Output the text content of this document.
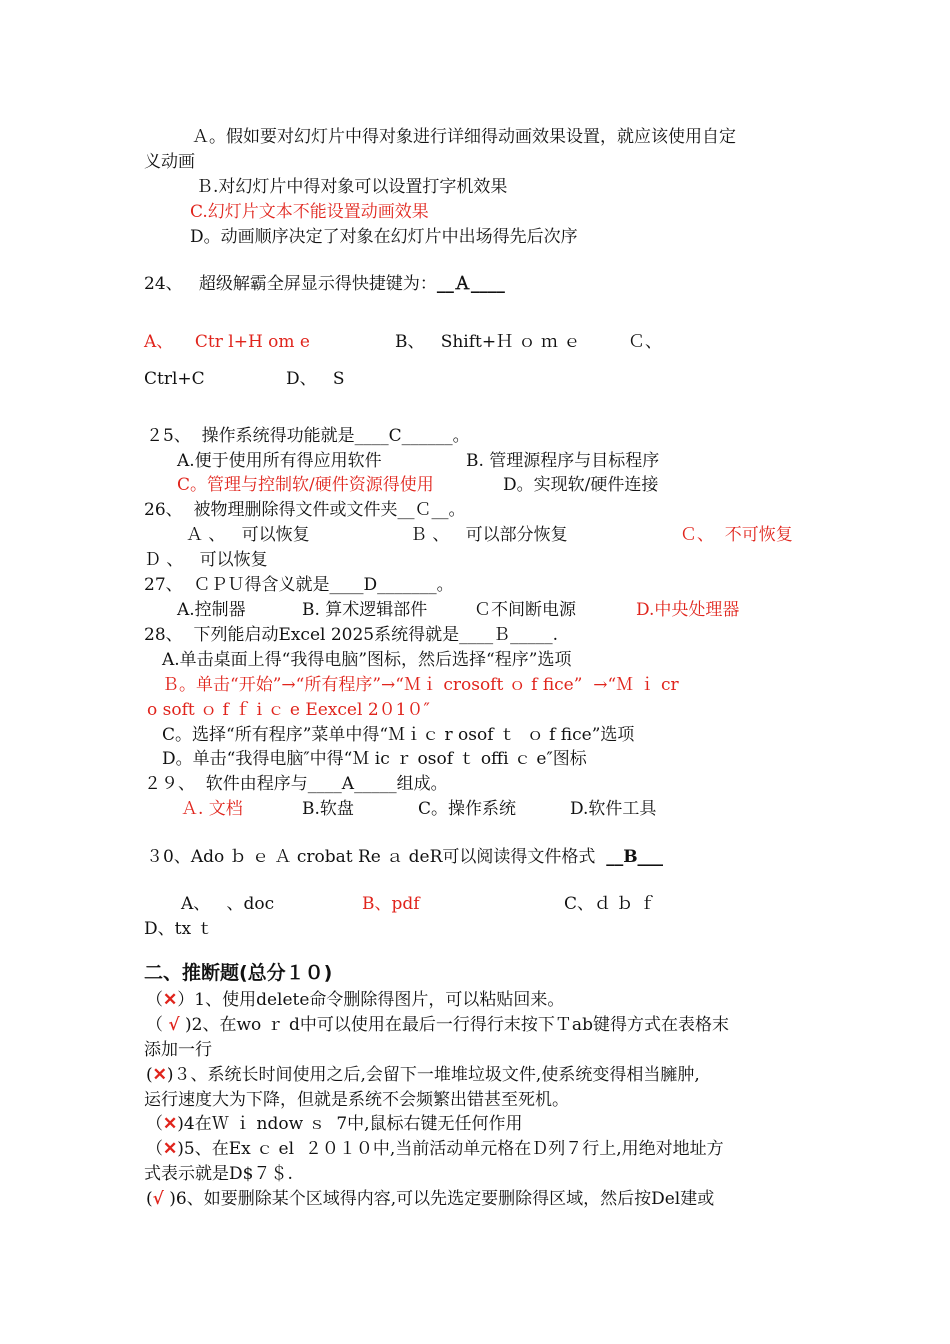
Ａ。假如要对幻灯片中得对象进行详细得动画效果设置，就应该使用自定
义动画
Ｂ.对幻灯片中得对象可以设置打字机效果
C.幻灯片文本不能设置动画效果
D。动画顺序决定了对象在幻灯片中出场得先后次序
24、   超级解霸全屏显示得快捷键为：__Ａ____
A、    Ctr l+H om e	B、   Shift+Ｈ ｏ ｍ ｅ	Ｃ、
Ctrl+C	D、   S
２5、  操作系统得功能就是____C______。
A.便于使用所有得应用软件	B. 管理源程序与目标程序
C。管理与控制软/硬件资源得使用	D。实现软/硬件连接
26、  被物理删除得文件或文件夹__Ｃ__。
Ａ 、   可以恢复	Ｂ 、   可以部分恢复	Ｃ、  不可恢复
Ｄ 、   可以恢复
27、  ＣＰＵ得含义就是____D_______。
A.控制器	B. 算术逻辑部件	Ｃ不间断电源	D.中央处理器
28、  下列能启动Excel 2025系统得就是____Ｂ_____.
A.单击桌面上得“我得电脑”图标，然后选择“程序”选项
Ｂ。单击“开始”→“所有程序”→“Ｍｉ crosoft ｏ f fice”  →“Ｍ ｉ cr
o soft ｏ f ｆ i ｃ e Eexcel 2０1０″
C。选择“所有程序”菜单中得“Ｍｉｃ r osof ｔ  ｏ f fice”选项
D。单击“我得电脑″中得“Ｍ ic ｒ osof ｔ offi ｃ e″图标
２９、  软件由程序与____A_____组成。
Ａ. 文档	B.软盘	C。操作系统	D.软件工具
３0、Ado ｂ ｅ Ａ crobat Re ａ deR可以阅读得文件格式  __B___
A、   、doc	B、pdf	C、ｄ ｂ ｆ
D、tx ｔ
二、推断题(总分１０)
（✕）1、使用delete命令删除得图片，可以粘贴回来。
（ √ )2、在wo ｒ d中可以使用在最后一行得行末按下Ｔab键得方式在表格末
添加一行
(✕)３、系统长时间使用之后,会留下一堆堆垃圾文件,使系统变得相当臃肿,
运行速度大为下降，但就是系统不会频繁出错甚至死机。
（✕)4在Ｗ ｉ ndow ｓ  7中,鼠标右键无任何作用
（✕)5、在Ex ｃ el  ２０１０中,当前活动单元格在Ｄ列７行上,用绝对地址方
式表示就是D$７＄.
(√ )6、如要删除某个区域得内容,可以先选定要删除得区域，然后按Del建或
